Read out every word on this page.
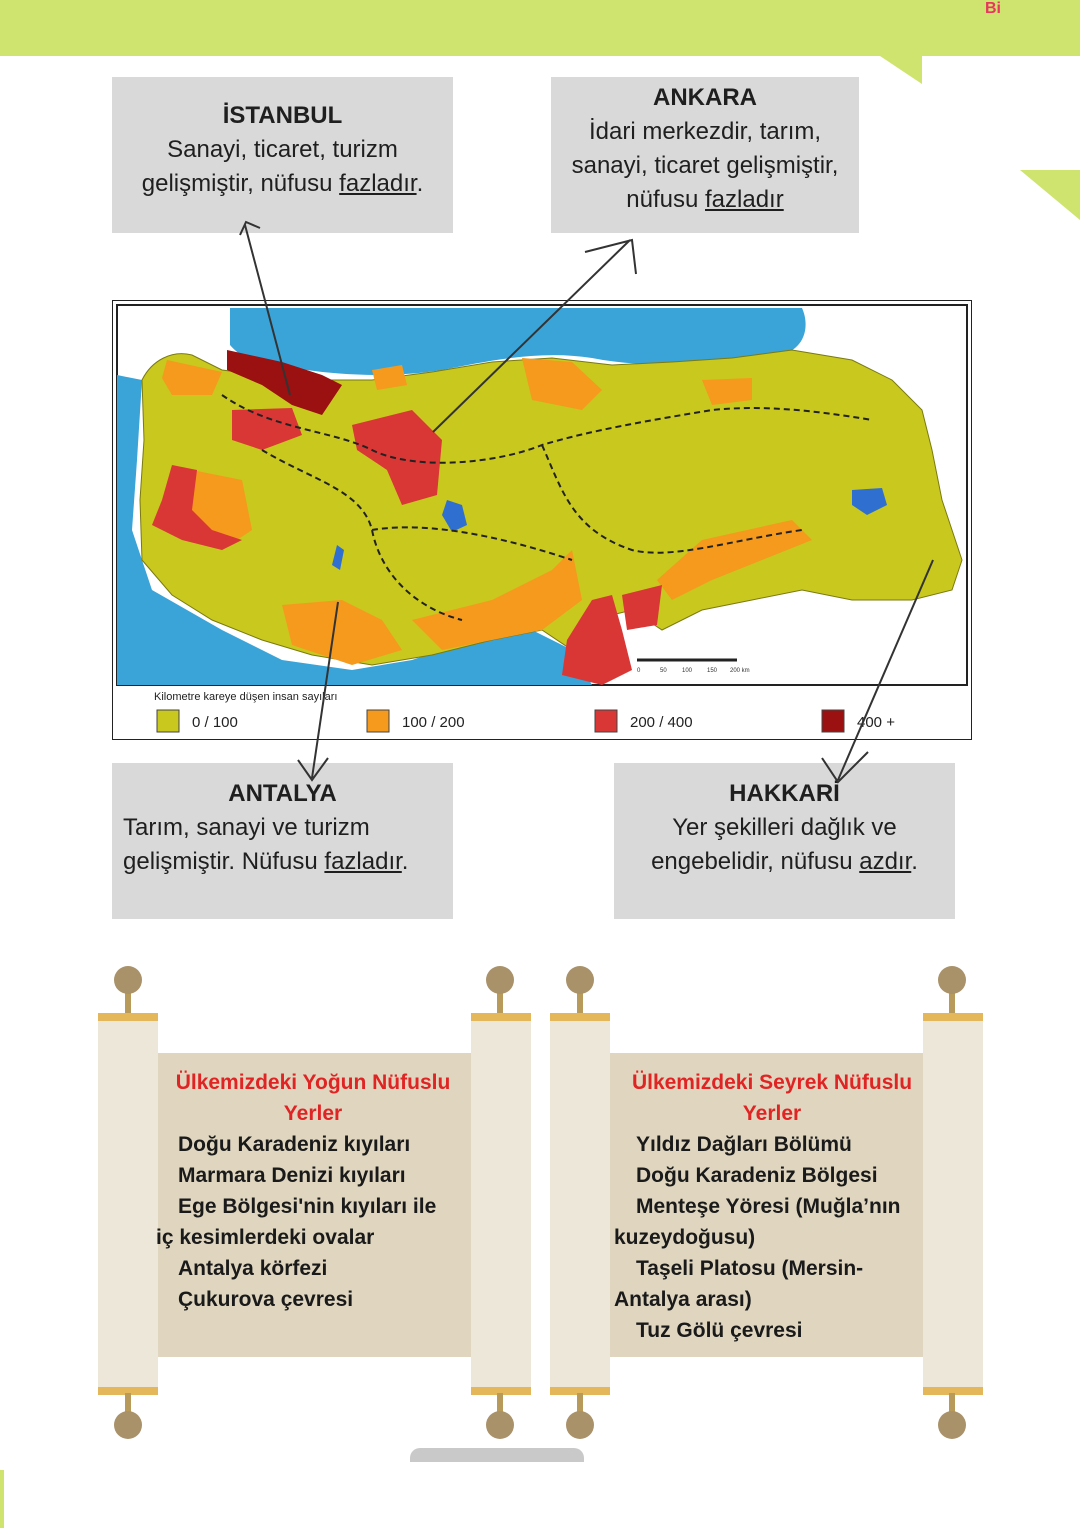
Bi
İSTANBUL
Sanayi, ticaret, turizm
gelişmiştir, nüfusu fazladır.
ANKARA
İdari merkezdir, tarım,
sanayi, ticaret gelişmiştir,
nüfusu fazladır
ANTALYA
Tarım, sanayi ve turizm
gelişmiştir. Nüfusu fazladır.
HAKKARİ
Yer şekilleri dağlık ve
engebelidir, nüfusu azdır.
0	50	100 150 200 km
Kilometre kareye düşen insan sayıları
0 / 100	100 / 200	200 / 400	400 +
Ülkemizdeki Yoğun Nüfuslu Yerler
Doğu Karadeniz kıyıları
Marmara Denizi kıyıları
Ege Bölgesi'nin kıyıları ile
iç kesimlerdeki ovalar
Antalya körfezi
Çukurova çevresi
Ülkemizdeki Seyrek Nüfuslu Yerler
Yıldız Dağları Bölümü
Doğu Karadeniz Bölgesi
Menteşe Yöresi (Muğla’nın
kuzeydoğusu)
Taşeli Platosu (Mersin-
Antalya arası)
Tuz Gölü çevresi
